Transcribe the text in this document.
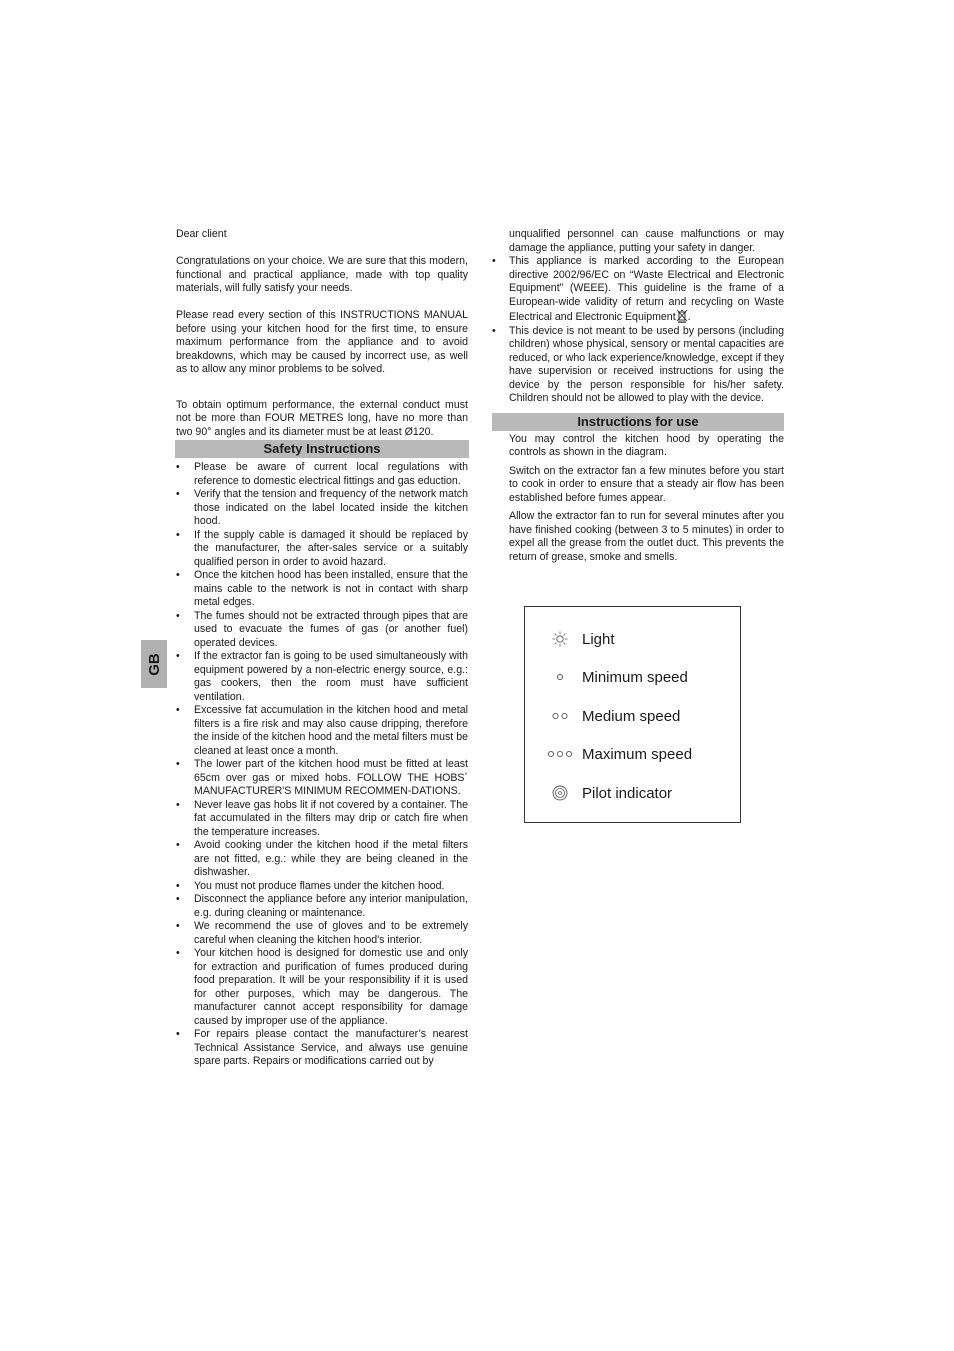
Dear client

Congratulations on your choice. We are sure that this modern, functional and practical appliance, made with top quality materials, will fully satisfy your needs.

Please read every section of this INSTRUCTIONS MANUAL before using your kitchen hood for the first time, to ensure maximum performance from the appliance and to avoid breakdowns, which may be caused by incorrect use, as well as to allow any minor problems to be solved.

To obtain optimum performance, the external conduct must not be more than FOUR METRES long, have no more than two 90° angles and its diameter must be at least Ø120.

Safety Instructions
• Please be aware of current local regulations with reference to domestic electrical fittings and gas eduction.
• Verify that the tension and frequency of the network match those indicated on the label located inside the kitchen hood.
• If the supply cable is damaged it should be replaced by the manufacturer, the after-sales service or a suitably qualified person in order to avoid hazard.
• Once the kitchen hood has been installed, ensure that the mains cable to the network is not in contact with sharp metal edges.
• The fumes should not be extracted through pipes that are used to evacuate the fumes of gas (or another fuel) operated devices.
• If the extractor fan is going to be used simultaneously with equipment powered by a non-electric energy source, e.g.: gas cookers, then the room must have sufficient ventilation.
• Excessive fat accumulation in the kitchen hood and metal filters is a fire risk and may also cause dripping, therefore the inside of the kitchen hood and the metal filters must be cleaned at least once a month.
• The lower part of the kitchen hood must be fitted at least 65cm over gas or mixed hobs. FOLLOW THE HOBS´ MANUFACTURER'S MINIMUM RECOMMEN-DATIONS.
• Never leave gas hobs lit if not covered by a container. The fat accumulated in the filters may drip or catch fire when the temperature increases.
• Avoid cooking under the kitchen hood if the metal filters are not fitted, e.g.: while they are being cleaned in the dishwasher.
• You must not produce flames under the kitchen hood.
• Disconnect the appliance before any interior manipulation, e.g. during cleaning or maintenance.
• We recommend the use of gloves and to be extremely careful when cleaning the kitchen hood's interior.
• Your kitchen hood is designed for domestic use and only for extraction and purification of fumes produced during food preparation. It will be your responsibility if it is used for other purposes, which may be dangerous. The manufacturer cannot accept responsibility for damage caused by improper use of the appliance.
• For repairs please contact the manufacturer’s nearest Technical Assistance Service, and always use genuine spare parts. Repairs or modifications carried out by

unqualified personnel can cause malfunctions or may damage the appliance, putting your safety in danger.

• This appliance is marked according to the European directive 2002/96/EC on “Waste Electrical and Electronic Equipment” (WEEE). This guideline is the frame of a European-wide validity of return and recycling on Waste Electrical and Electronic Equipment .
• This device is not meant to be used by persons (including children) whose physical, sensory or mental capacities are reduced, or who lack experience/knowledge, except if they have supervision or received instructions for using the device by the person responsible for his/her safety. Children should not be allowed to play with the device.
Instructions for use

You may control the kitchen hood by operating the controls as shown in the diagram.

Switch on the extractor fan a few minutes before you start to cook in order to ensure that a steady air flow has been established before fumes appear.

Allow the extractor fan to run for several minutes after you have finished cooking (between 3 to 5 minutes) in order to expel all the grease from the outlet duct. This prevents the return of grease, smoke and smells.

GB
Light
Minimum speed
Medium speed
Maximum speed
Pilot indicator
